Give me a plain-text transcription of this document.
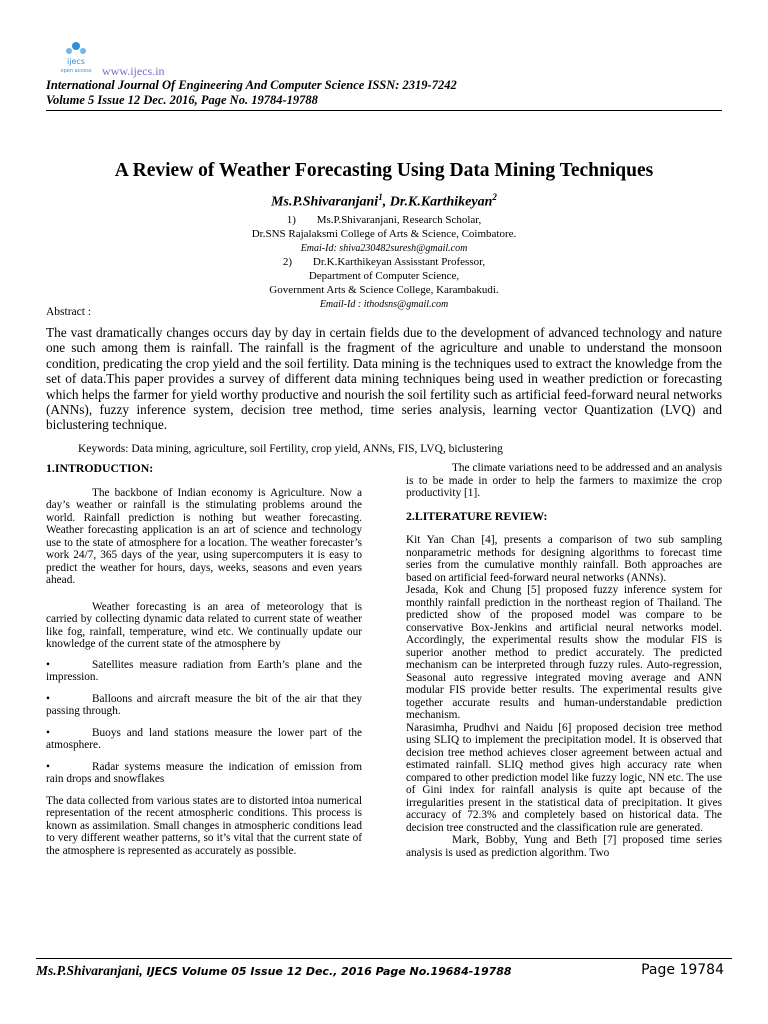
ijecs
open access www.ijecs.in
International Journal Of Engineering And Computer Science ISSN: 2319-7242
Volume 5 Issue 12 Dec. 2016, Page No. 19784-19788
A Review of Weather Forecasting Using Data Mining Techniques
Ms.P.Shivaranjani$^1$, Dr.K.Karthikeyan$^2$
1) Ms.P.Shivaranjani, Research Scholar,
Dr.SNS Rajalaksmi College of Arts & Science, Coimbatore.
Emai-Id: shiva230482suresh@gmail.com
2) Dr.K.Karthikeyan Assisstant Professor,
Department of Computer Science,
Government Arts & Science College, Karambakudi.
Email-Id : ithodsns@gmail.com
Abstract :

The vast dramatically changes occurs day by day in certain fields due to the development of advanced technology and nature one such among them is rainfall. The rainfall is the fragment of the agriculture and unable to understand the monsoon condition, predicating the crop yield and the soil fertility. Data mining is the techniques used to extract the knowledge from the set of data.This paper provides a survey of different data mining techniques being used in weather prediction or forecasting which helps the farmer for yield worthy productive and nourish the soil fertility such as artificial feed-forward neural networks (ANNs), fuzzy inference system, decision tree method, time series analysis, learning vector Quantization (LVQ) and biclustering technique.

Keywords: Data mining, agriculture, soil Fertility, crop yield, ANNs, FIS, LVQ, biclustering

1.INTRODUCTION:

The backbone of Indian economy is Agriculture. Now a day’s weather or rainfall is the stimulating problems around the world. Rainfall prediction is nothing but weather forecasting. Weather forecasting application is an art of science and technology use to the state of atmosphere for a location. The weather forecaster’s work 24/7, 365 days of the year, using supercomputers it is easy to predict the weather for hours, days, weeks, seasons and even years ahead.

Weather forecasting is an area of meteorology that is carried by collecting dynamic data related to current state of weather like fog, rainfall, temperature, wind etc. We continually update our knowledge of the current state of the atmosphere by

•	Satellites measure radiation from Earth’s plane and the impression.

•	Balloons and aircraft measure the bit of the air that they passing through.

•	Buoys and land stations measure the lower part of the atmosphere.

•	Radar systems measure the indication of emission from rain drops and snowflakes

The data collected from various states are to distorted intoa numerical representation of the recent atmospheric conditions. This process is known as assimilation. Small changes in atmospheric conditions lead to very different weather patterns, so it’s vital that the current state of the atmosphere is represented as accurately as possible.

The climate variations need to be addressed and an analysis is to be made in order to help the farmers to maximize the crop productivity [1].

2.LITERATURE REVIEW:

Kit Yan Chan [4], presents a comparison of two sub sampling nonparametric methods for designing algorithms to forecast time series from the cumulative monthly rainfall. Both approaches are based on artificial feed-forward neural networks (ANNs).

Jesada, Kok and Chung [5] proposed fuzzy inference system for monthly rainfall prediction in the northeast region of Thailand. The predicted show of the proposed model was compare to be conservative Box-Jenkins and artificial neural networks model. Accordingly, the experimental results show the modular FIS is superior another method to predict accurately. The predicted mechanism can be interpreted through fuzzy rules. Auto-regression, Seasonal auto regressive integrated moving average and ANN modular FIS provide better results. The experimental results give together accurate results and human-understandable prediction mechanism.

Narasimha, Prudhvi and Naidu [6] proposed decision tree method using SLIQ to implement the precipitation model. It is observed that decision tree method achieves closer agreement between actual and estimated rainfall. SLIQ method gives high accuracy rate when compared to other prediction model like fuzzy logic, NN etc. The use of Gini index for rainfall analysis is quite apt because of the irregularities present in the statistical data of precipitation. It gives accuracy of 72.3% and completely based on historical data. The decision tree constructed and the classification rule are generated.

Mark, Bobby, Yung and Beth [7] proposed time series analysis is used as prediction algorithm. Two

Ms.P.Shivaranjani, IJECS Volume 05 Issue 12 Dec., 2016 Page No.19684-19788	Page 19784
